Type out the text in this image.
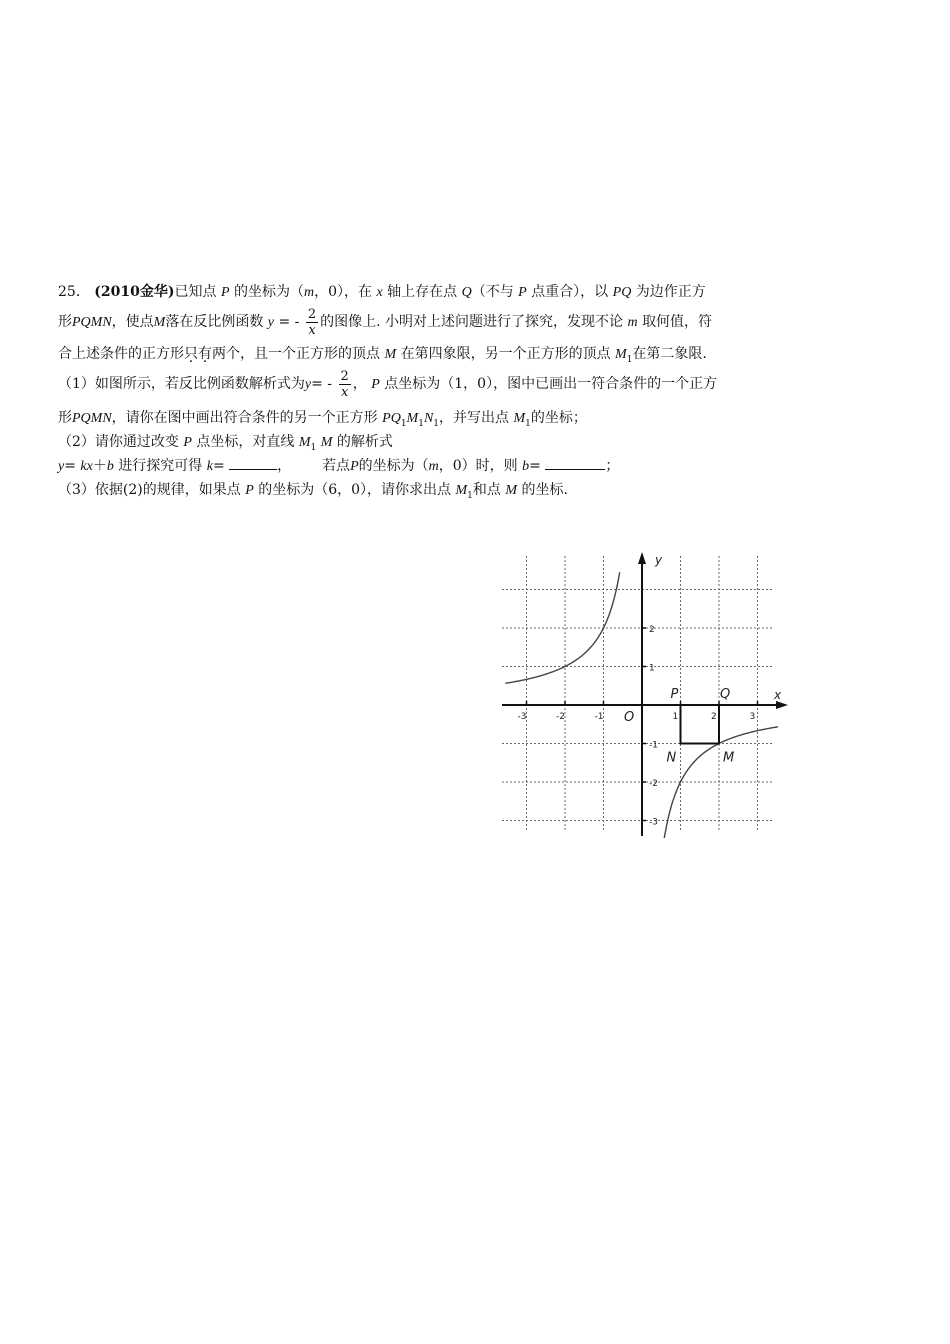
25． (2010金华)已知点 P 的坐标为（m，0），在 x 轴上存在点 Q（不与 P 点重合），以 PQ 为边作正方
形PQMN，使点M落在反比例函数 y = - $\frac{2}{x}$ 的图像上. 小明对上述问题进行了探究，发现不论 m 取何值，符
合上述条件的正方形只有两个，且一个正方形的顶点 M 在第四象限，另一个正方形的顶点 $M_1$在第二象限.
（1）如图所示，若反比例函数解析式为$y= - \frac{2}{x}$ ， P 点坐标为（1，0），图中已画出一符合条件的一个正方
形PQMN，请你在图中画出符合条件的另一个正方形 $PQ_1M_1N_1$，并写出点 $M_1$的坐标；
（2）请你通过改变 P 点坐标，对直线 $M_1$ M 的解析式
y= kx＋b 进行探究可得 k=	， 若点P的坐标为（m，0）时，则 b=	；
（3）依据(2)的规律，如果点 P 的坐标为（6，0），请你求出点 $M_1$和点 M 的坐标.
-3	-2	-1	1	2	3
2
1
-1
-2
-3
x
y
O
P	Q
N	M
